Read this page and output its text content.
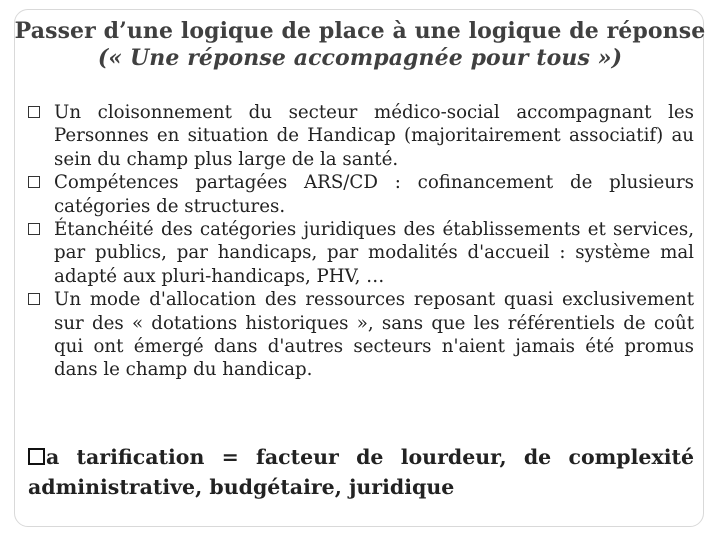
Passer d’une logique de place à une logique de réponse
(« Une réponse accompagnée pour tous »)
Un cloisonnement du secteur médico-social accompagnant les Personnes en situation de Handicap (majoritairement associatif) au sein du champ plus large de la santé.
Compétences partagées ARS/CD : cofinancement de plusieurs catégories de structures.
Étanchéité des catégories juridiques des établissements et services, par publics, par handicaps, par modalités d'accueil : système mal adapté aux pluri-handicaps, PHV, …
Un mode d'allocation des ressources reposant quasi exclusivement sur des « dotations historiques », sans que les référentiels de coût qui ont émergé dans d'autres secteurs n'aient jamais été promus dans le champ du handicap.
a tarification = facteur de lourdeur, de complexité administrative, budgétaire, juridique
